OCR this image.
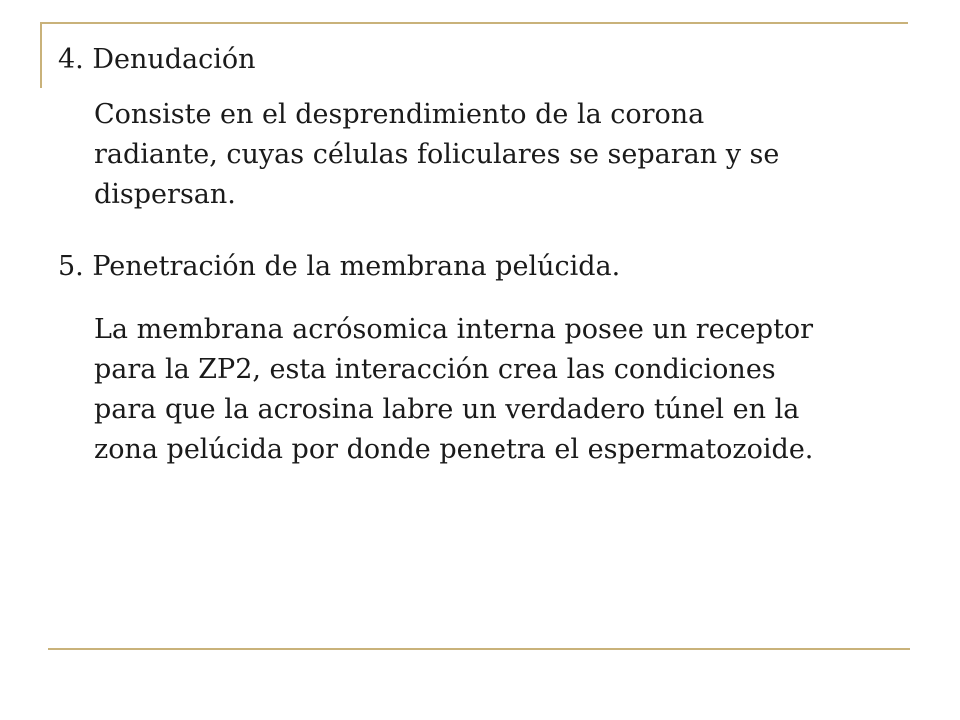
4. Denudación
Consiste en el desprendimiento de la corona
radiante, cuyas células foliculares se separan y se
dispersan.
5. Penetración de la membrana pelúcida.
La membrana acrósomica interna posee un receptor
para la ZP2, esta interacción crea las condiciones
para que la acrosina labre un verdadero túnel en la
zona pelúcida por donde penetra el espermatozoide.
